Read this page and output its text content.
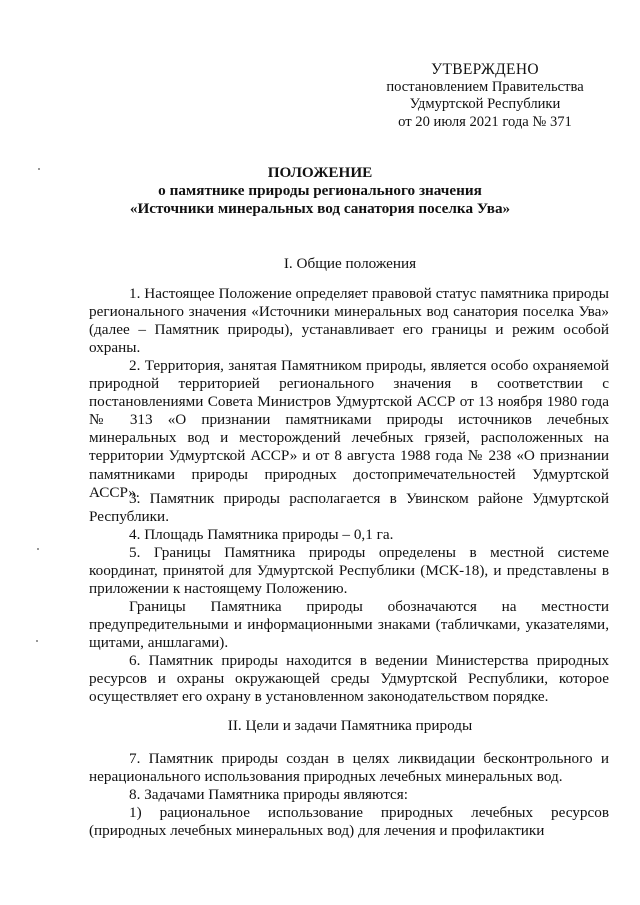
УТВЕРЖДЕНО
постановлением Правительства
Удмуртской Республики
от 20 июля 2021 года № 371
ПОЛОЖЕНИЕ
о памятнике природы регионального значения
«Источники минеральных вод санатория поселка Ува»
I. Общие положения
1. Настоящее Положение определяет правовой статус памятника природы регионального значения «Источники минеральных вод санатория поселка Ува» (далее – Памятник природы), устанавливает его границы и режим особой охраны.
2. Территория, занятая Памятником природы, является особо охраняемой природной территорией регионального значения в соответствии с постановлениями Совета Министров Удмуртской АССР от 13 ноября 1980 года № 313 «О признании памятниками природы источников лечебных минеральных вод и месторождений лечебных грязей, расположенных на территории Удмуртской АССР» и от 8 августа 1988 года № 238 «О признании памятниками природы природных достопримечательностей Удмуртской АССР».
3. Памятник природы располагается в Увинском районе Удмуртской Республики.
4. Площадь Памятника природы – 0,1 га.
5. Границы Памятника природы определены в местной системе координат, принятой для Удмуртской Республики (МСК-18), и представлены в приложении к настоящему Положению.
Границы Памятника природы обозначаются на местности предупредительными и информационными знаками (табличками, указателями, щитами, аншлагами).
6. Памятник природы находится в ведении Министерства природных ресурсов и охраны окружающей среды Удмуртской Республики, которое осуществляет его охрану в установленном законодательством порядке.
II. Цели и задачи Памятника природы
7. Памятник природы создан в целях ликвидации бесконтрольного и нерационального использования природных лечебных минеральных вод.
8. Задачами Памятника природы являются:
1) рациональное использование природных лечебных ресурсов (природных лечебных минеральных вод) для лечения и профилактики
